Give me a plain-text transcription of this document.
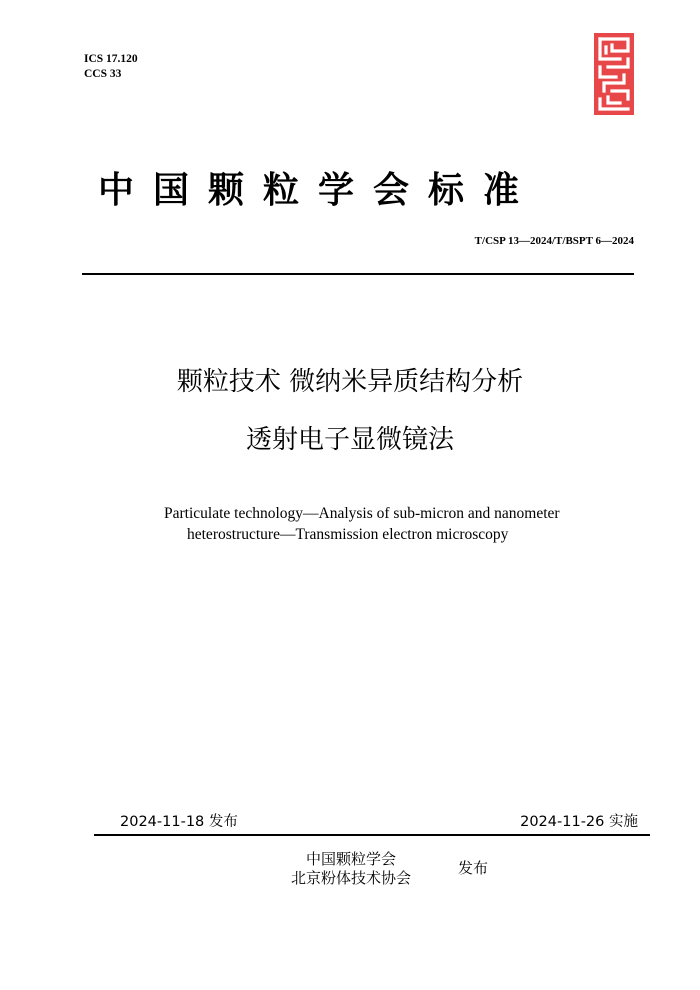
ICS 17.120
CCS 33
中国颗粒学会标准
T/CSP 13—2024/T/BSPT 6—2024
颗粒技术 微纳米异质结构分析
透射电子显微镜法
Particulate technology—Analysis of sub-micron and nanometer
heterostructure—Transmission electron microscopy
2024-11-18 发布	2024-11-26 实施
中国颗粒学会
北京粉体技术协会
发布
